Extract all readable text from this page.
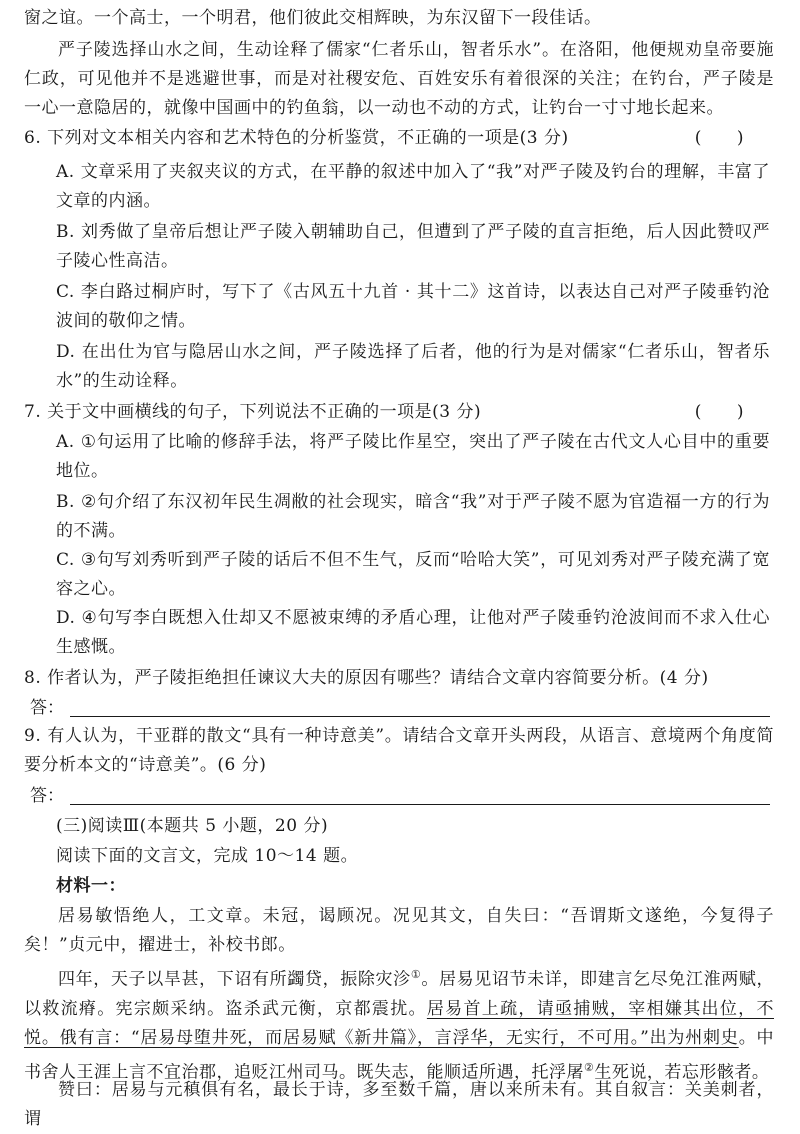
窗之谊。一个高士，一个明君，他们彼此交相辉映，为东汉留下一段佳话。
严子陵选择山水之间，生动诠释了儒家“仁者乐山，智者乐水”。在洛阳，他便规劝皇帝要施仁政，可见他并不是逃避世事，而是对社稷安危、百姓安乐有着很深的关注；在钓台，严子陵是一心一意隐居的，就像中国画中的钓鱼翁，以一动也不动的方式，让钓台一寸寸地长起来。
6. 下列对文本相关内容和艺术特色的分析鉴赏，不正确的一项是(3 分)	(　　)
A. 文章采用了夹叙夹议的方式，在平静的叙述中加入了“我”对严子陵及钓台的理解，丰富了文章的内涵。
B. 刘秀做了皇帝后想让严子陵入朝辅助自己，但遭到了严子陵的直言拒绝，后人因此赞叹严子陵心性高洁。
C. 李白路过桐庐时，写下了《古风五十九首 · 其十二》这首诗，以表达自己对严子陵垂钓沧波间的敬仰之情。
D. 在出仕为官与隐居山水之间，严子陵选择了后者，他的行为是对儒家“仁者乐山，智者乐水”的生动诠释。
7. 关于文中画横线的句子，下列说法不正确的一项是(3 分)	(　　)
A. ①句运用了比喻的修辞手法，将严子陵比作星空，突出了严子陵在古代文人心目中的重要地位。
B. ②句介绍了东汉初年民生凋敝的社会现实，暗含“我”对于严子陵不愿为官造福一方的行为的不满。
C. ③句写刘秀听到严子陵的话后不但不生气，反而“哈哈大笑”，可见刘秀对严子陵充满了宽容之心。
D. ④句写李白既想入仕却又不愿被束缚的矛盾心理，让他对严子陵垂钓沧波间而不求入仕心生感慨。
8. 作者认为，严子陵拒绝担任谏议大夫的原因有哪些？请结合文章内容简要分析。(4 分)
答：
9. 有人认为，干亚群的散文“具有一种诗意美”。请结合文章开头两段，从语言、意境两个角度简要分析本文的“诗意美”。(6 分)
答：
(三)阅读Ⅲ(本题共 5 小题，20 分)
阅读下面的文言文，完成 10～14 题。
材料一：
居易敏悟绝人，工文章。未冠，谒顾况。况见其文，自失曰：“吾谓斯文遂绝，今复得子矣！”贞元中，擢进士，补校书郎。
四年，天子以旱甚，下诏有所蠲贷，振除灾沴①。居易见诏节未详，即建言乞尽免江淮两赋，以救流瘠。宪宗颇采纳。盗杀武元衡，京都震扰。居易首上疏，请亟捕贼，宰相嫌其出位，不悦。俄有言：“居易母堕井死，而居易赋《新井篇》，言浮华，无实行，不可用。”出为州刺史。中书舍人王涯上言不宜治郡，追贬江州司马。既失志，能顺适所遇，托浮屠②生死说，若忘形骸者。
赞曰：居易与元稹俱有名，最长于诗，多至数千篇，唐以来所未有。其自叙言：关美刺者，谓
